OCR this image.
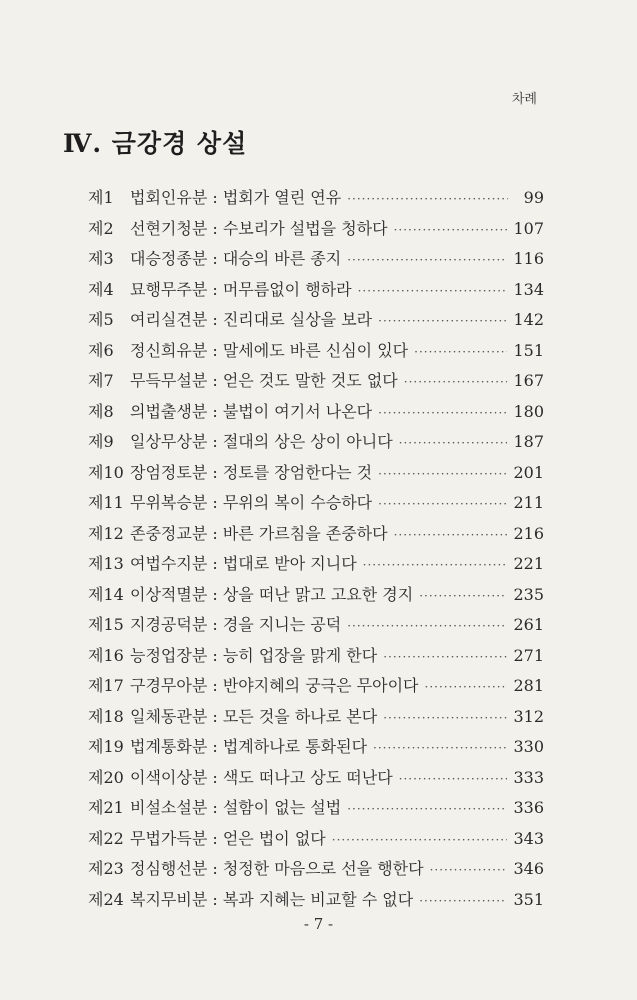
차례
Ⅳ. 금강경 상설
제1	법회인유분 : 법회가 열린 연유 ·····	99
제2	선현기청분 : 수보리가 설법을 청하다 ·····	107
제3	대승정종분 : 대승의 바른 종지 ·····	116
제4	묘행무주분 : 머무름없이 행하라 ·····	134
제5	여리실견분 : 진리대로 실상을 보라 ·····	142
제6	정신희유분 : 말세에도 바른 신심이 있다 ·····	151
제7	무득무설분 : 얻은 것도 말한 것도 없다 ·····	167
제8	의법출생분 : 불법이 여기서 나온다 ·····	180
제9	일상무상분 : 절대의 상은 상이 아니다 ·····	187
제10 장엄정토분 : 정토를 장엄한다는 것 ·····	201
제11 무위복승분 : 무위의 복이 수승하다 ·····	211
제12 존중정교분 : 바른 가르침을 존중하다 ·····	216
제13 여법수지분 : 법대로 받아 지니다 ·····	221
제14 이상적멸분 : 상을 떠난 맑고 고요한 경지 ·····	235
제15 지경공덕분 : 경을 지니는 공덕 ·····	261
제16 능정업장분 : 능히 업장을 맑게 한다 ·····	271
제17 구경무아분 : 반야지혜의 궁극은 무아이다 ·····	281
제18 일체동관분 : 모든 것을 하나로 본다 ·····	312
제19 법계통화분 : 법계하나로 통화된다 ·····	330
제20 이색이상분 : 색도 떠나고 상도 떠난다 ·····	333
제21 비설소설분 : 설함이 없는 설법 ·····	336
제22 무법가득분 : 얻은 법이 없다 ·····	343
제23 정심행선분 : 청정한 마음으로 선을 행한다 ·····	346
제24 복지무비분 : 복과 지혜는 비교할 수 없다 ·····	351
- 7 -
